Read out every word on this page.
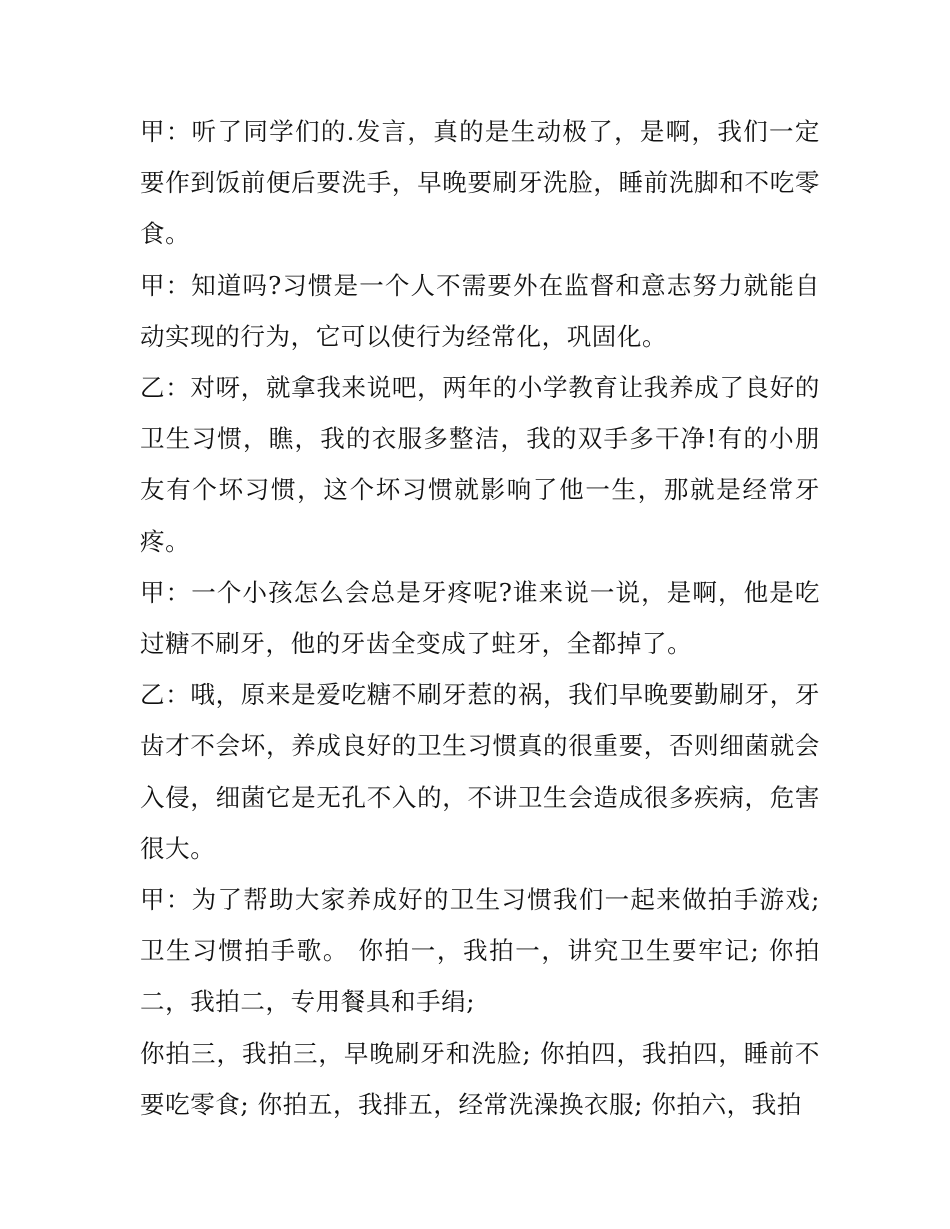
甲：听了同学们的.发言，真的是生动极了，是啊，我们一定要作到饭前便后要洗手，早晚要刷牙洗脸，睡前洗脚和不吃零食。

甲：知道吗?习惯是一个人不需要外在监督和意志努力就能自动实现的行为，它可以使行为经常化，巩固化。

乙：对呀，就拿我来说吧，两年的小学教育让我养成了良好的卫生习惯，瞧，我的衣服多整洁，我的双手多干净!有的小朋友有个坏习惯，这个坏习惯就影响了他一生，那就是经常牙疼。

甲：一个小孩怎么会总是牙疼呢?谁来说一说，是啊，他是吃过糖不刷牙，他的牙齿全变成了蛀牙，全都掉了。

乙：哦，原来是爱吃糖不刷牙惹的祸，我们早晚要勤刷牙，牙齿才不会坏，养成良好的卫生习惯真的很重要，否则细菌就会入侵，细菌它是无孔不入的，不讲卫生会造成很多疾病，危害很大。

甲：为了帮助大家养成好的卫生习惯我们一起来做拍手游戏; 卫生习惯拍手歌。 你拍一，我拍一，讲究卫生要牢记; 你拍二，我拍二，专用餐具和手绢;

你拍三，我拍三，早晚刷牙和洗脸; 你拍四，我拍四，睡前不要吃零食; 你拍五，我排五，经常洗澡换衣服; 你拍六，我拍
